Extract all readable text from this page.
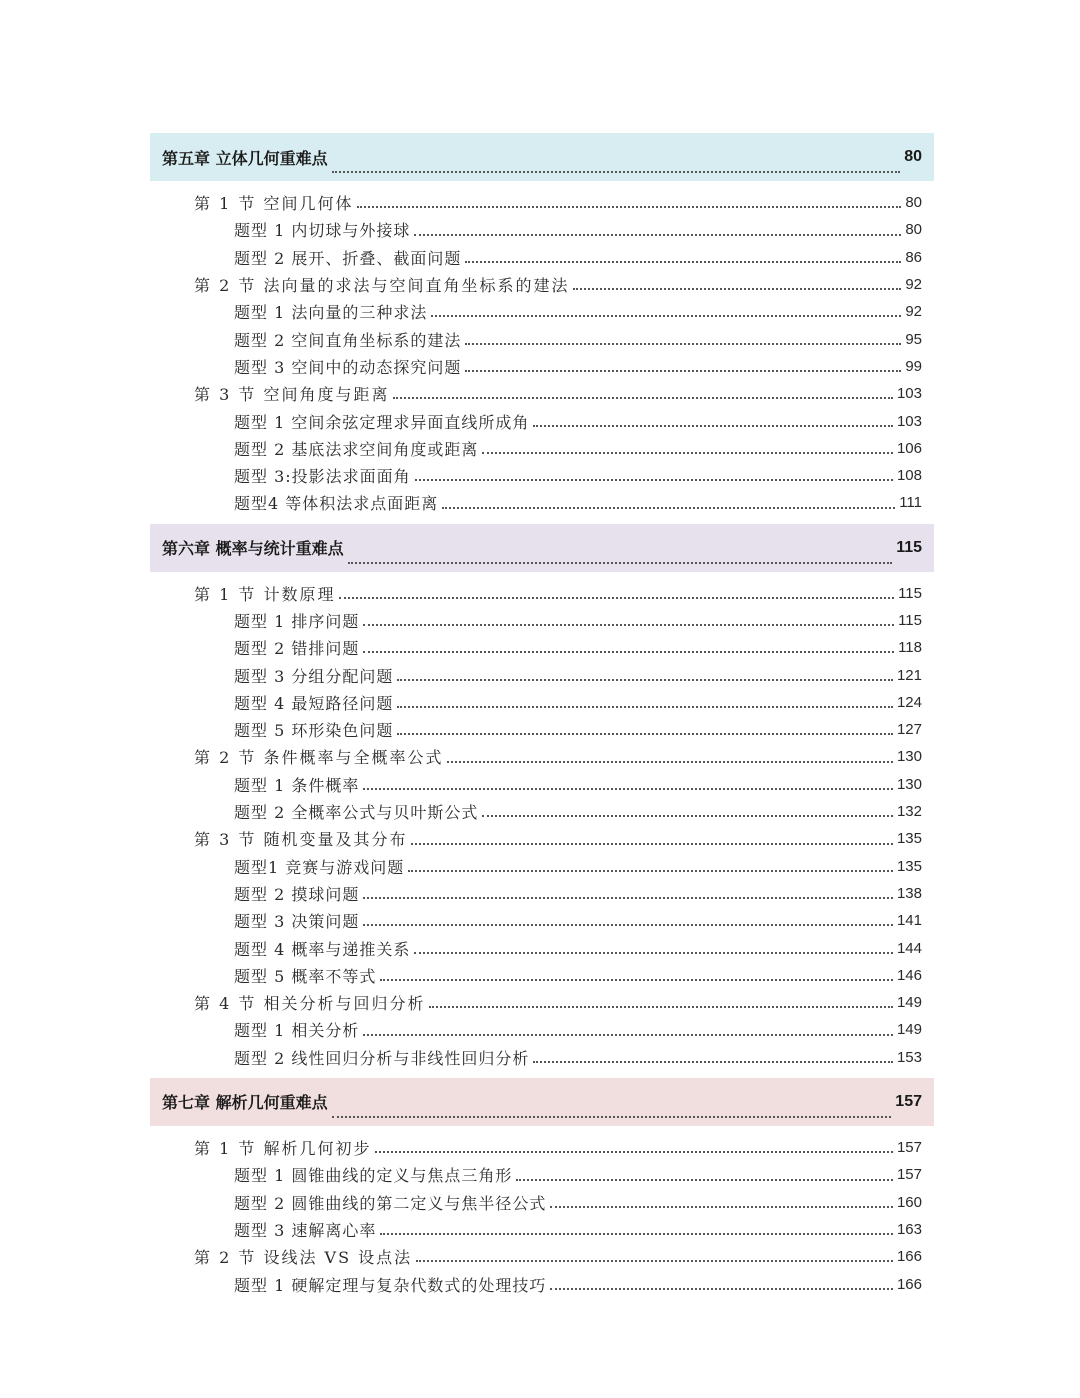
第五章 立体几何重难点	80
第 1 节 空间几何体	80
题型 1 内切球与外接球	80
题型 2 展开、折叠、截面问题	86
第 2 节 法向量的求法与空间直角坐标系的建法	92
题型 1 法向量的三种求法	92
题型 2 空间直角坐标系的建法	95
题型 3 空间中的动态探究问题	99
第 3 节 空间角度与距离	103
题型 1 空间余弦定理求异面直线所成角	103
题型 2 基底法求空间角度或距离	106
题型 3:投影法求面面角	108
题型4 等体积法求点面距离	111
第六章 概率与统计重难点	115
第 1 节 计数原理	115
题型 1 排序问题	115
题型 2 错排问题	118
题型 3 分组分配问题	121
题型 4 最短路径问题	124
题型 5 环形染色问题	127
第 2 节 条件概率与全概率公式	130
题型 1 条件概率	130
题型 2 全概率公式与贝叶斯公式	132
第 3 节 随机变量及其分布	135
题型1 竞赛与游戏问题	135
题型 2 摸球问题	138
题型 3 决策问题	141
题型 4 概率与递推关系	144
题型 5 概率不等式	146
第 4 节 相关分析与回归分析	149
题型 1 相关分析	149
题型 2 线性回归分析与非线性回归分析	153
第七章 解析几何重难点	157
第 1 节 解析几何初步	157
题型 1 圆锥曲线的定义与焦点三角形	157
题型 2 圆锥曲线的第二定义与焦半径公式	160
题型 3 速解离心率	163
第 2 节 设线法 VS 设点法	166
题型 1 硬解定理与复杂代数式的处理技巧	166
